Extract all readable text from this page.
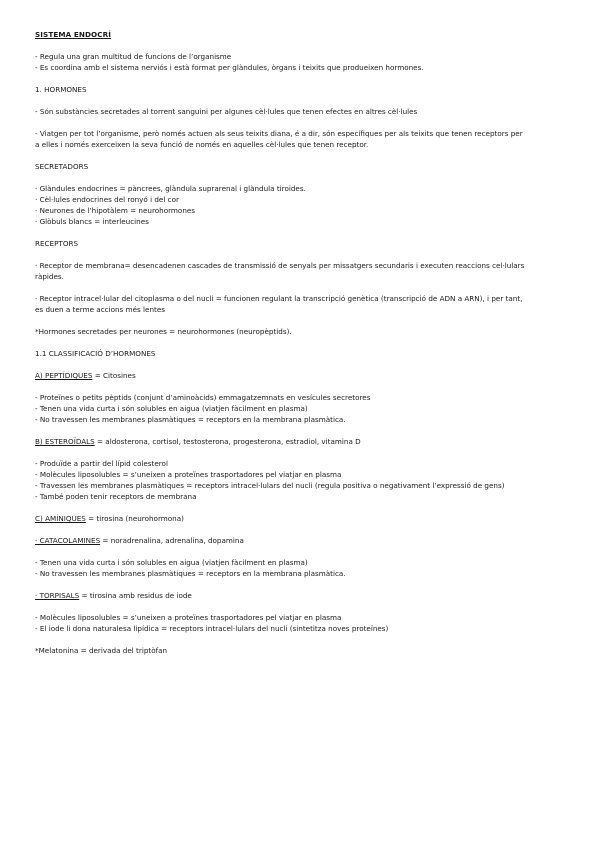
SISTEMA ENDOCRÍ

- Regula una gran multitud de funcions de l’organisme

- Es coordina amb el sistema nerviós i està format per glàndules, òrgans i teixits que produeixen hormones.

1. HORMONES

- Són substàncies secretades al torrent sanguini per algunes cèl·lules que tenen efectes en altres cèl·lules

- Viatgen per tot l’organisme, però només actuen als seus teixits diana, é a dir, són específiques per als teixits que tenen receptors per

a elles i només exerceixen la seva funció de només en aquelles cèl·lules que tenen receptor.

SECRETADORS

· Glàndules endocrines = pàncrees, glàndula suprarenal i glàndula tiroides.

· Cèl·lules endocrines del ronyó i del cor

· Neurones de l’hipotàlem = neurohormones

· Glòbuls blancs = interleucines

RECEPTORS

· Receptor de membrana= desencadenen cascades de transmissió de senyals per missatgers secundaris i executen reaccions cel·lulars

ràpides.

· Receptor intracel·lular del citoplasma o del nucli = funcionen regulant la transcripció genètica (transcripció de ADN a ARN), i per tant,

es duen a terme accions més lentes

*Hormones secretades per neurones = neurohormones (neuropèptids).

1.1 CLASSIFICACIÓ D’HORMONES

A) PEPTÍDIQUES = Citosines

- Proteïnes o petits pèptids (conjunt d’aminoàcids) emmagatzemnats en vesícules secretores

- Tenen una vida curta i són solubles en aigua (viatjen fàcilment en plasma)

- No travessen les membranes plasmàtiques = receptors en la membrana plasmàtica.

B) ESTEROÏDALS = aldosterona, cortisol, testosterona, progesterona, estradiol, vitamina D

- Produïde a partir del lípid colesterol

- Molècules liposolubles = s’uneixen a proteïnes trasportadores pel viatjar en plasma

- Travessen les membranes plasmàtiques = receptors intracel·lulars del nucli (regula positiva o negativament l’expressió de gens)

- També poden tenir receptors de membrana

C) AMÍNIQUES = tirosina (neurohormona)

· CATACOLAMINES = noradrenalina, adrenalina, dopamina

- Tenen una vida curta i són solubles en aigua (viatjen fàcilment en plasma)

- No travessen les membranes plasmàtiques = receptors en la membrana plasmàtica.

· TORPISALS = tirosina amb residus de iode

- Molècules liposolubles = s’uneixen a proteïnes trasportadores pel viatjar en plasma

- El iode li dona naturalesa lipídica = receptors intracel·lulars del nucli (sintetitza noves proteïnes)

*Melatonina = derivada del triptòfan
